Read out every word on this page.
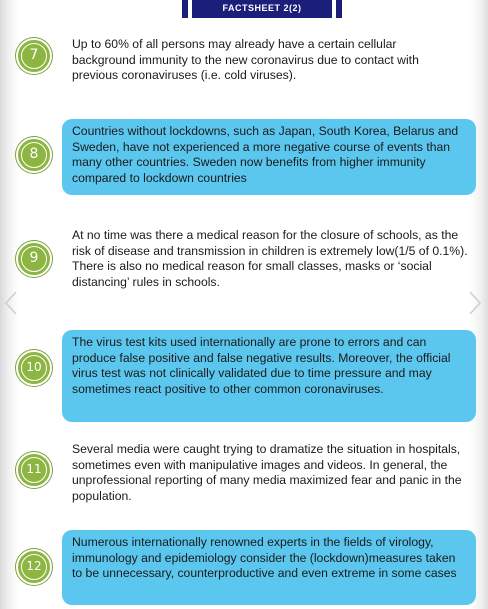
FACTSHEET 2(2)
7
Up to 60% of all persons may already have a certain cellular background immunity to the new coronavirus due to contact with previous coronaviruses (i.e. cold viruses).
8
Countries without lockdowns, such as Japan, South Korea, Belarus and Sweden, have not experienced a more negative course of events than many other countries. Sweden now benefits from higher immunity compared to lockdown countries
9
At no time was there a medical reason for the closure of schools, as the risk of disease and transmission in children is extremely low(1/5 of 0.1%). There is also no medical reason for small classes, masks or ‘social distancing’ rules in schools.
10
The virus test kits used internationally are prone to errors and can produce false positive and false negative results. Moreover, the official virus test was not clinically validated due to time pressure and may sometimes react positive to other common coronaviruses.
11
Several media were caught trying to dramatize the situation in hospitals, sometimes even with manipulative images and videos. In general, the unprofessional reporting of many media maximized fear and panic in the population.
12
Numerous internationally renowned experts in the fields of virology, immunology and epidemiology consider the (lockdown)measures taken to be unnecessary, counterproductive and even extreme in some cases
